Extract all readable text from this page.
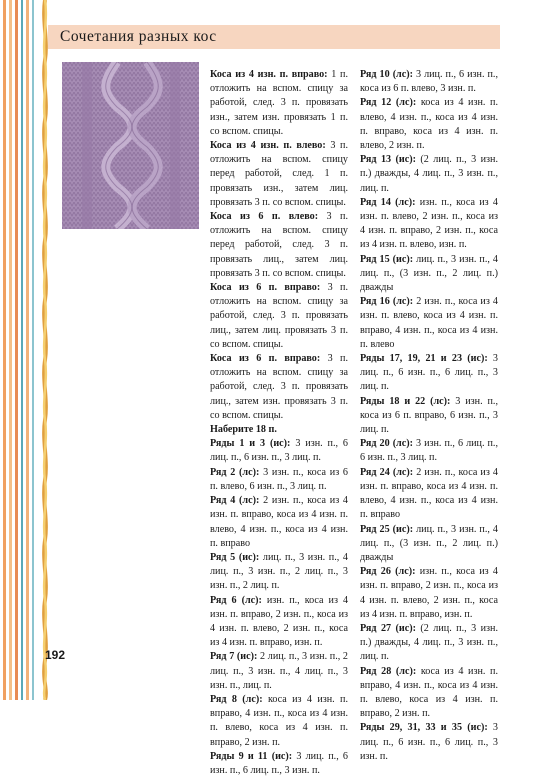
Сочетания разных кос

Коса из 4 изн. п. вправо: 1 п. отложить на вспом. спицу за работой, след. 3 п. провязать изн., затем изн. провязать 1 п. со вспом. спицы.

Коса из 4 изн. п. влево: 3 п. отложить на вспом. спицу перед работой, след. 1 п. провязать изн., затем лиц. провязать 3 п. со вспом. спицы.

Коса из 6 п. влево: 3 п. отложить на вспом. спицу перед работой, след. 3 п. провязать лиц., затем лиц. провязать 3 п. со вспом. спицы.

Коса из 6 п. вправо: 3 п. отложить на вспом. спицу за работой, след. 3 п. провязать лиц., затем лиц. провязать 3 п. со вспом. спицы.

Коса из 6 п. вправо: 3 п. отложить на вспом. спицу за работой, след. 3 п. провязать лиц., затем изн. провязать 3 п. со вспом. спицы.

Наберите 18 п.

Ряды 1 и 3 (ис): 3 изн. п., 6 лиц. п., 6 изн. п., 3 лиц. п.

Ряд 2 (лс): 3 изн. п., коса из 6 п. влево, 6 изн. п., 3 лиц. п.

Ряд 4 (лс): 2 изн. п., коса из 4 изн. п. вправо, коса из 4 изн. п. влево, 4 изн. п., коса из 4 изн. п. вправо

Ряд 5 (ис): лиц. п., 3 изн. п., 4 лиц. п., 3 изн. п., 2 лиц. п., 3 изн. п., 2 лиц. п.

Ряд 6 (лс): изн. п., коса из 4 изн. п. вправо, 2 изн. п., коса из 4 изн. п. влево, 2 изн. п., коса из 4 изн. п. вправо, изн. п.

Ряд 7 (ис): 2 лиц. п., 3 изн. п., 2 лиц. п., 3 изн. п., 4 лиц. п., 3 изн. п., лиц. п.

Ряд 8 (лс): коса из 4 изн. п. вправо, 4 изн. п., коса из 4 изн. п. влево, коса из 4 изн. п. вправо, 2 изн. п.

Ряды 9 и 11 (ис): 3 лиц. п., 6 изн. п., 6 лиц. п., 3 изн. п.

Ряд 10 (лс): 3 лиц. п., 6 изн. п., коса из 6 п. влево, 3 изн. п.

Ряд 12 (лс): коса из 4 изн. п. влево, 4 изн. п., коса из 4 изн. п. вправо, коса из 4 изн. п. влево, 2 изн. п.

Ряд 13 (ис): (2 лиц. п., 3 изн. п.) дважды, 4 лиц. п., 3 изн. п., лиц. п.

Ряд 14 (лс): изн. п., коса из 4 изн. п. влево, 2 изн. п., коса из 4 изн. п. вправо, 2 изн. п., коса из 4 изн. п. влево, изн. п.

Ряд 15 (ис): лиц. п., 3 изн. п., 4 лиц. п., (3 изн. п., 2 лиц. п.) дважды

Ряд 16 (лс): 2 изн. п., коса из 4 изн. п. влево, коса из 4 изн. п. вправо, 4 изн. п., коса из 4 изн. п. влево

Ряды 17, 19, 21 и 23 (ис): 3 лиц. п., 6 изн. п., 6 лиц. п., 3 лиц. п.

Ряды 18 и 22 (лс): 3 изн. п., коса из 6 п. вправо, 6 изн. п., 3 лиц. п.

Ряд 20 (лс): 3 изн. п., 6 лиц. п., 6 изн. п., 3 лиц. п.

Ряд 24 (лс): 2 изн. п., коса из 4 изн. п. вправо, коса из 4 изн. п. влево, 4 изн. п., коса из 4 изн. п. вправо

Ряд 25 (ис): лиц. п., 3 изн. п., 4 лиц. п., (3 изн. п., 2 лиц. п.) дважды

Ряд 26 (лс): изн. п., коса из 4 изн. п. вправо, 2 изн. п., коса из 4 изн. п. влево, 2 изн. п., коса из 4 изн. п. вправо, изн. п.

Ряд 27 (ис): (2 лиц. п., 3 изн. п.) дважды, 4 лиц. п., 3 изн. п., лиц. п.

Ряд 28 (лс): коса из 4 изн. п. вправо, 4 изн. п., коса из 4 изн. п. влево, коса из 4 изн. п. вправо, 2 изн. п.

Ряды 29, 31, 33 и 35 (ис): 3 лиц. п., 6 изн. п., 6 лиц. п., 3 изн. п.

192
